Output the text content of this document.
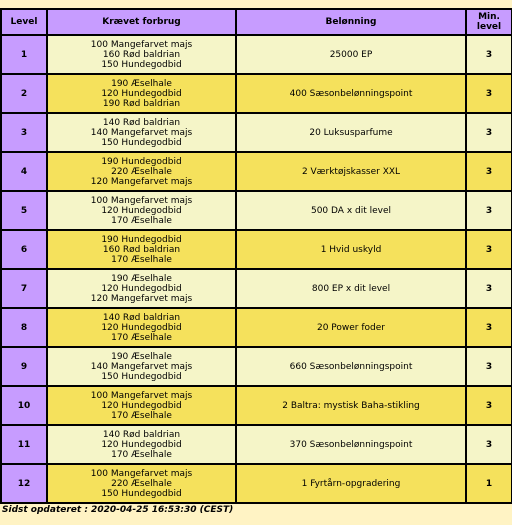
Level	Krævet forbrug	Belønning	Min. level
1	100 Mangefarvet majs
160 Rød baldrian
150 Hundegodbid	25000 EP	3
2	190 Æselhale
120 Hundegodbid
190 Rød baldrian	400 Sæsonbelønningspoint	3
3	140 Rød baldrian
140 Mangefarvet majs
150 Hundegodbid	20 Luksusparfume	3
4	190 Hundegodbid
220 Æselhale
120 Mangefarvet majs	2 Værktøjskasser XXL	3
5	100 Mangefarvet majs
120 Hundegodbid
170 Æselhale	500 DA x dit level	3
6	190 Hundegodbid
160 Rød baldrian
170 Æselhale	1 Hvid uskyld	3
7	190 Æselhale
120 Hundegodbid
120 Mangefarvet majs	800 EP x dit level	3
8	140 Rød baldrian
120 Hundegodbid
170 Æselhale	20 Power foder	3
9	190 Æselhale
140 Mangefarvet majs
150 Hundegodbid	660 Sæsonbelønningspoint	3
10	100 Mangefarvet majs
120 Hundegodbid
170 Æselhale	2 Baltra: mystisk Baha-stikling	3
11	140 Rød baldrian
120 Hundegodbid
170 Æselhale	370 Sæsonbelønningspoint	3
12	100 Mangefarvet majs
220 Æselhale
150 Hundegodbid	1 Fyrtårn-opgradering	1
Sidst opdateret : 2020-04-25 16:53:30 (CEST)
